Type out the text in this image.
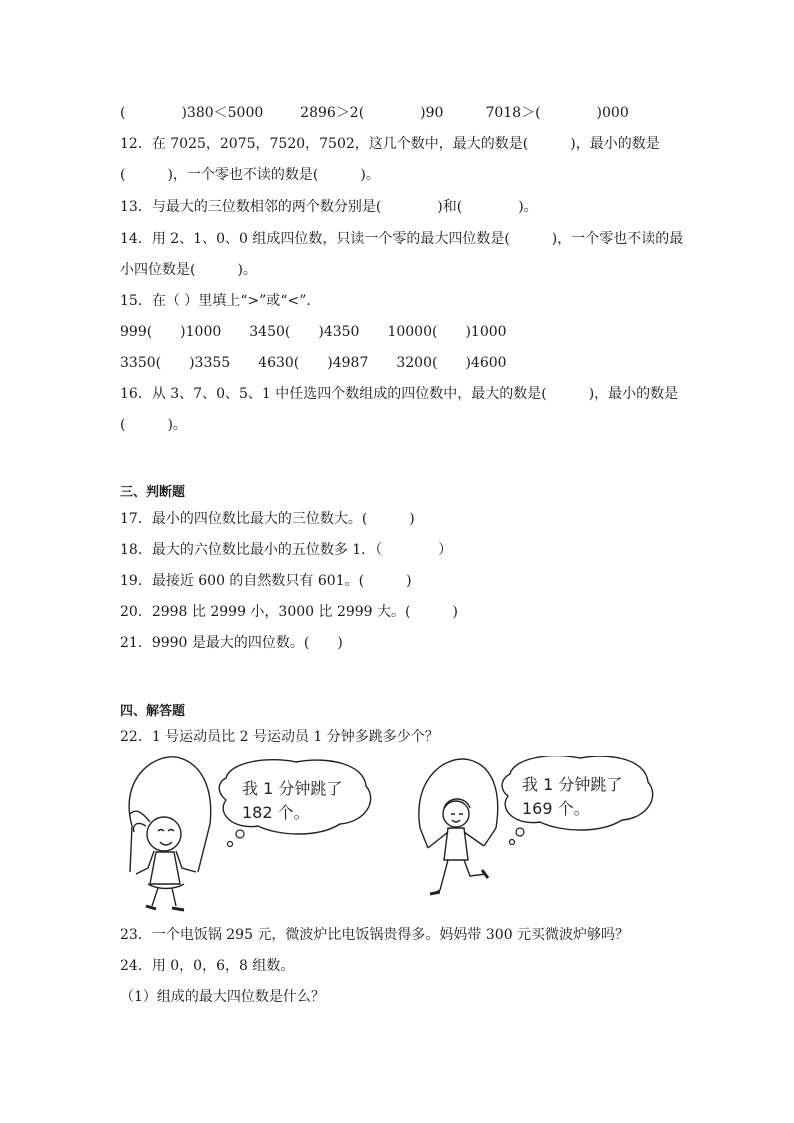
(　　　　)380＜5000　　  2896＞2(　　　　)90　　　7018＞(　　　　)000
12．在 7025，2075，7520，7502，这几个数中，最大的数是(　　　)，最小的数是
(　　　)，一个零也不读的数是(　　　)。
13．与最大的三位数相邻的两个数分别是(　　　　)和(　　　　)。
14．用 2、1、0、0 组成四位数，只读一个零的最大四位数是(　　　)，一个零也不读的最
小四位数是(　　　)。
15．在（ ）里填上“>”或“<”．
999(　　)1000　　3450(　　)4350　　10000(　　)1000
3350(　　)3355　　4630(　　)4987　　3200(　　)4600
16．从 3、7、0、5、1 中任选四个数组成的四位数中，最大的数是(　　　)，最小的数是
(　　　)。
三、判断题
17．最小的四位数比最大的三位数大。(　　　)
18．最大的六位数比最小的五位数多 1．（　　　　）
19．最接近 600 的自然数只有 601。(　　　)
20．2998 比 2999 小，3000 比 2999 大。(　　　)
21．9990 是最大的四位数。(　　)
四、解答题
22．1 号运动员比 2 号运动员 1 分钟多跳多少个？
我 1 分钟跳了
182 个。
我 1 分钟跳了
169 个。
23．一个电饭锅 295 元，微波炉比电饭锅贵得多。妈妈带 300 元买微波炉够吗？
24．用 0，0，6，8 组数。
（1）组成的最大四位数是什么？
